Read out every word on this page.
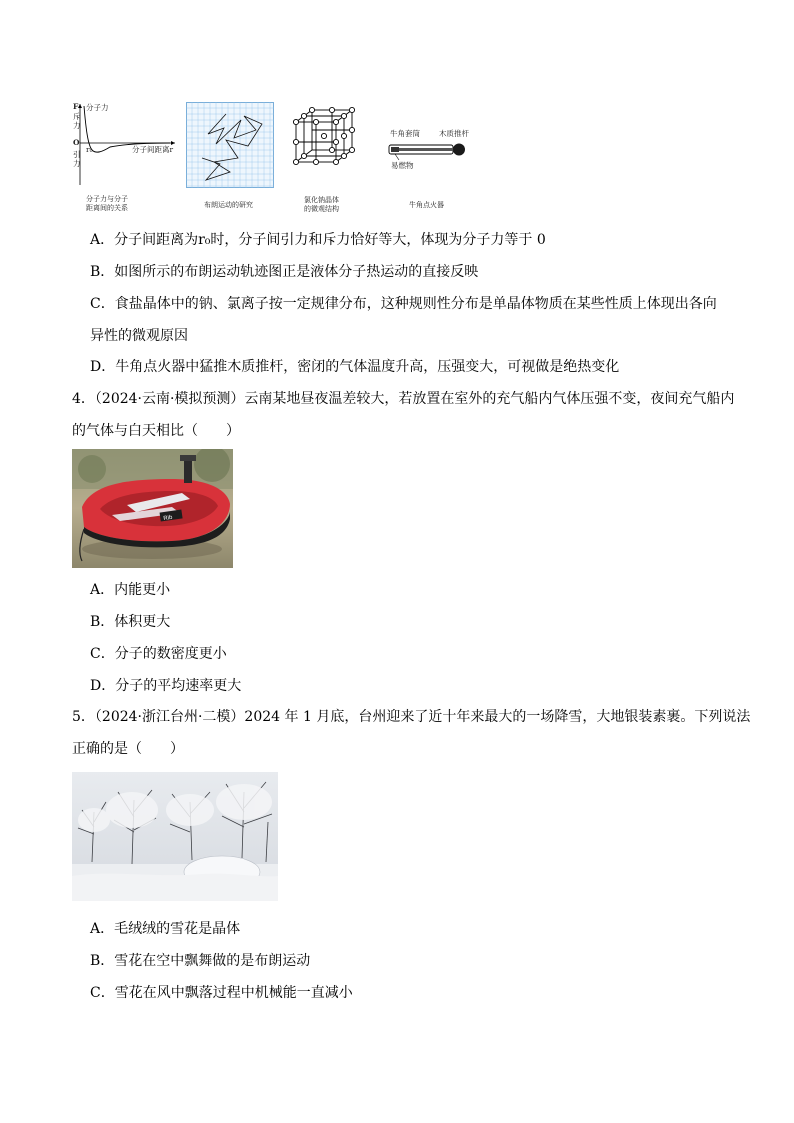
F
斥
力
O
引
力
分子力
r₀	分子间距离r
分子力与分子
距离间的关系	布朗运动的研究
氯化钠晶体
的微观结构
牛角套筒	木质推杆
易燃物
牛角点火器
A．分子间距离为r₀时，分子间引力和斥力恰好等大，体现为分子力等于 0
B．如图所示的布朗运动轨迹图正是液体分子热运动的直接反映
C．食盐晶体中的钠、氯离子按一定规律分布，这种规则性分布是单晶体物质在某些性质上体现出各向
异性的微观原因
D．牛角点火器中猛推木质推杆，密闭的气体温度升高，压强变大，可视做是绝热变化
4．（2024·云南·模拟预测）云南某地昼夜温差较大，若放置在室外的充气船内气体压强不变，夜间充气船内
的气体与白天相比（　　）
Rib
A．内能更小
B．体积更大
C．分子的数密度更小
D．分子的平均速率更大
5．（2024·浙江台州·二模）2024 年 1 月底，台州迎来了近十年来最大的一场降雪，大地银装素裹。下列说法
正确的是（　　）
A．毛绒绒的雪花是晶体
B．雪花在空中飘舞做的是布朗运动
C．雪花在风中飘落过程中机械能一直减小
